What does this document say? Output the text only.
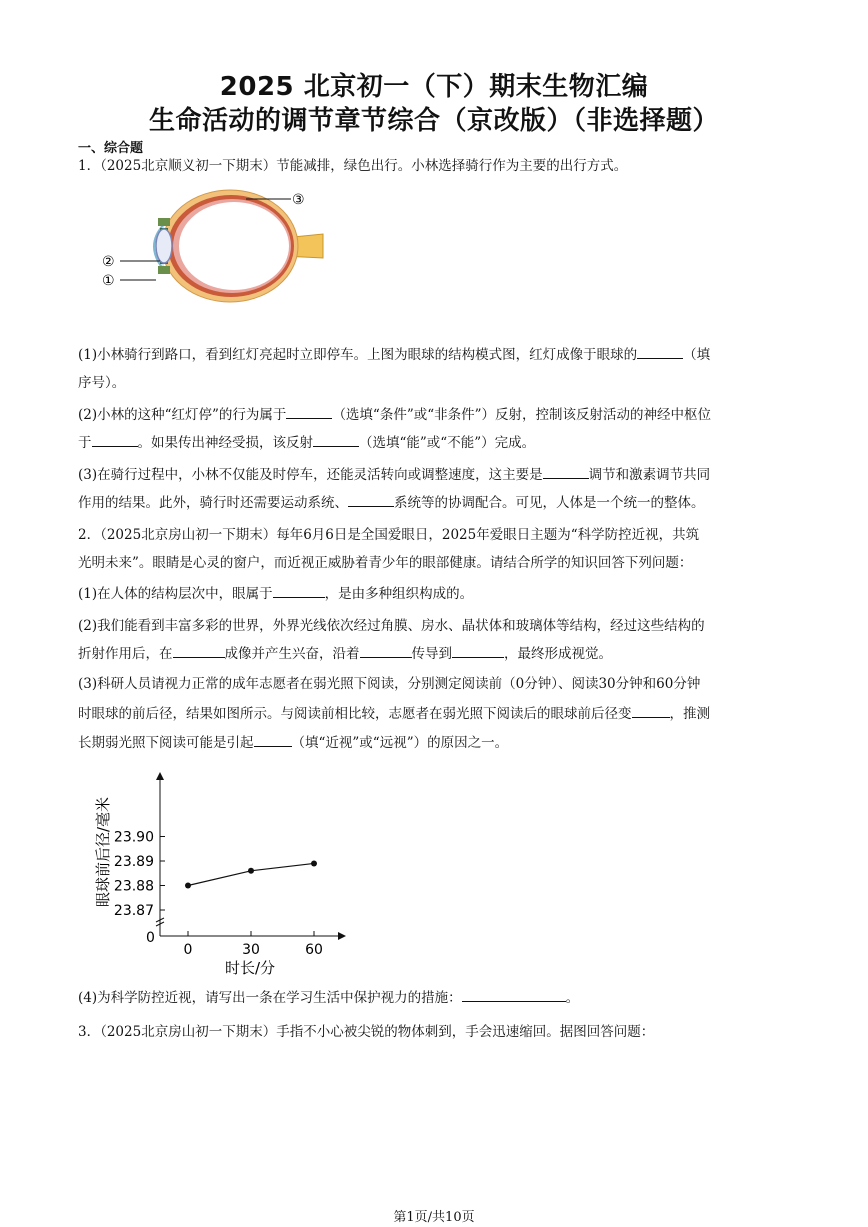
2025 北京初一（下）期末生物汇编
生命活动的调节章节综合（京改版）（非选择题）
一、综合题
1．（2025北京顺义初一下期末）节能减排，绿色出行。小林选择骑行作为主要的出行方式。
③
②
①
(1)小林骑行到路口，看到红灯亮起时立即停车。上图为眼球的结构模式图，红灯成像于眼球的	（填
序号）。
(2)小林的这种“红灯停”的行为属于	（选填“条件”或“非条件”）反射，控制该反射活动的神经中枢位
于	。如果传出神经受损，该反射	（选填“能”或“不能”）完成。
(3)在骑行过程中，小林不仅能及时停车，还能灵活转向或调整速度，这主要是	调节和激素调节共同
作用的结果。此外，骑行时还需要运动系统、	系统等的协调配合。可见，人体是一个统一的整体。
2．（2025北京房山初一下期末）每年6月6日是全国爱眼日，2025年爱眼日主题为“科学防控近视，共筑
光明未来”。眼睛是心灵的窗户，而近视正威胁着青少年的眼部健康。请结合所学的知识回答下列问题：
(1)在人体的结构层次中，眼属于	，是由多种组织构成的。
(2)我们能看到丰富多彩的世界，外界光线依次经过角膜、房水、晶状体和玻璃体等结构，经过这些结构的
折射作用后，在	成像并产生兴奋，沿着	传导到	，最终形成视觉。
(3)科研人员请视力正常的成年志愿者在弱光照下阅读，分别测定阅读前（0分钟）、阅读30分钟和60分钟
时眼球的前后径，结果如图所示。与阅读前相比较，志愿者在弱光照下阅读后的眼球前后径变	，推测
长期弱光照下阅读可能是引起	（填“近视”或“远视”）的原因之一。
0
23.87
23.88
23.89
23.90
0	30	60
时长/分
眼球前后径/毫米
(4)为科学防控近视，请写出一条在学习生活中保护视力的措施：	。
3．（2025北京房山初一下期末）手指不小心被尖锐的物体刺到，手会迅速缩回。据图回答问题：
第1页/共10页
